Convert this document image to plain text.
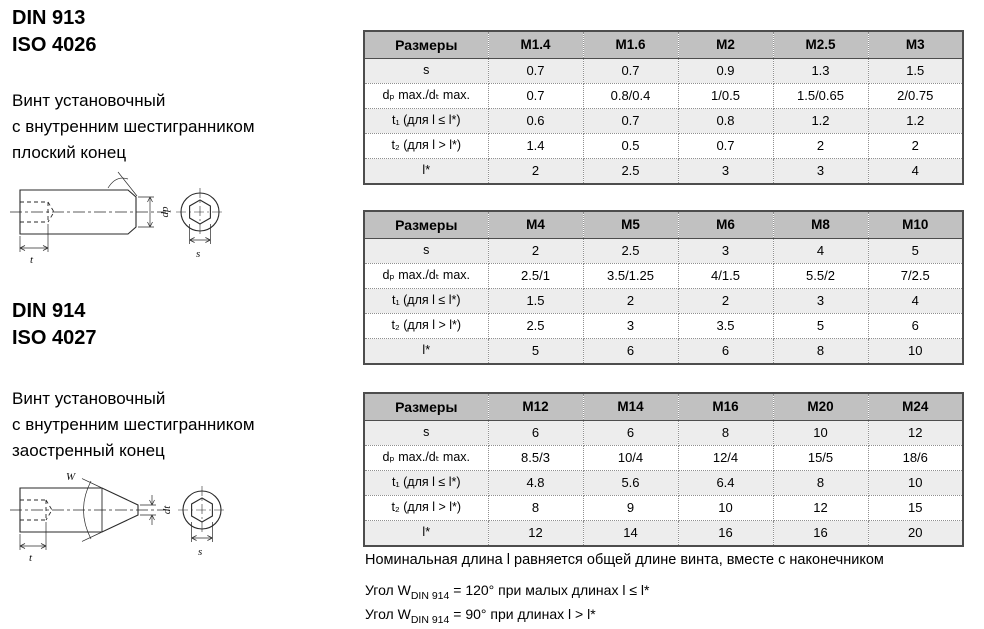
DIN 913
ISO 4026
Винт установочный
с внутренним шестигранником
плоский конец
t
dp
s
DIN 914
ISO 4027
Винт установочный
с внутренним шестигранником
заостренный конец
t
dt
s
W
Размеры	M1.4	M1.6	M2	M2.5	M3
s	0.7	0.7	0.9	1.3	1.5
dₚ max./dₜ max.	0.7	0.8/0.4	1/0.5	1.5/0.65	2/0.75
t₁ (для l ≤ l*)	0.6	0.7	0.8	1.2	1.2
t₂ (для l > l*)	1.4	0.5	0.7	2	2
l*	2	2.5	3	3	4
Размеры	M4	M5	M6	M8	M10
s	2	2.5	3	4	5
dₚ max./dₜ max.	2.5/1	3.5/1.25	4/1.5	5.5/2	7/2.5
t₁ (для l ≤ l*)	1.5	2	2	3	4
t₂ (для l > l*)	2.5	3	3.5	5	6
l*	5	6	6	8	10
Размеры	M12	M14	M16	M20	M24
s	6	6	8	10	12
dₚ max./dₜ max.	8.5/3	10/4	12/4	15/5	18/6
t₁ (для l ≤ l*)	4.8	5.6	6.4	8	10
t₂ (для l > l*)	8	9	10	12	15
l*	12	14	16	16	20
Номинальная длина l равняется общей длине винта, вместе с наконечником
Угол $W_{DIN 914} = 120^\circ$ при малых длинах l ≤ l*
Угол $W_{DIN 914} = 90^\circ$ при длинах l > l*
